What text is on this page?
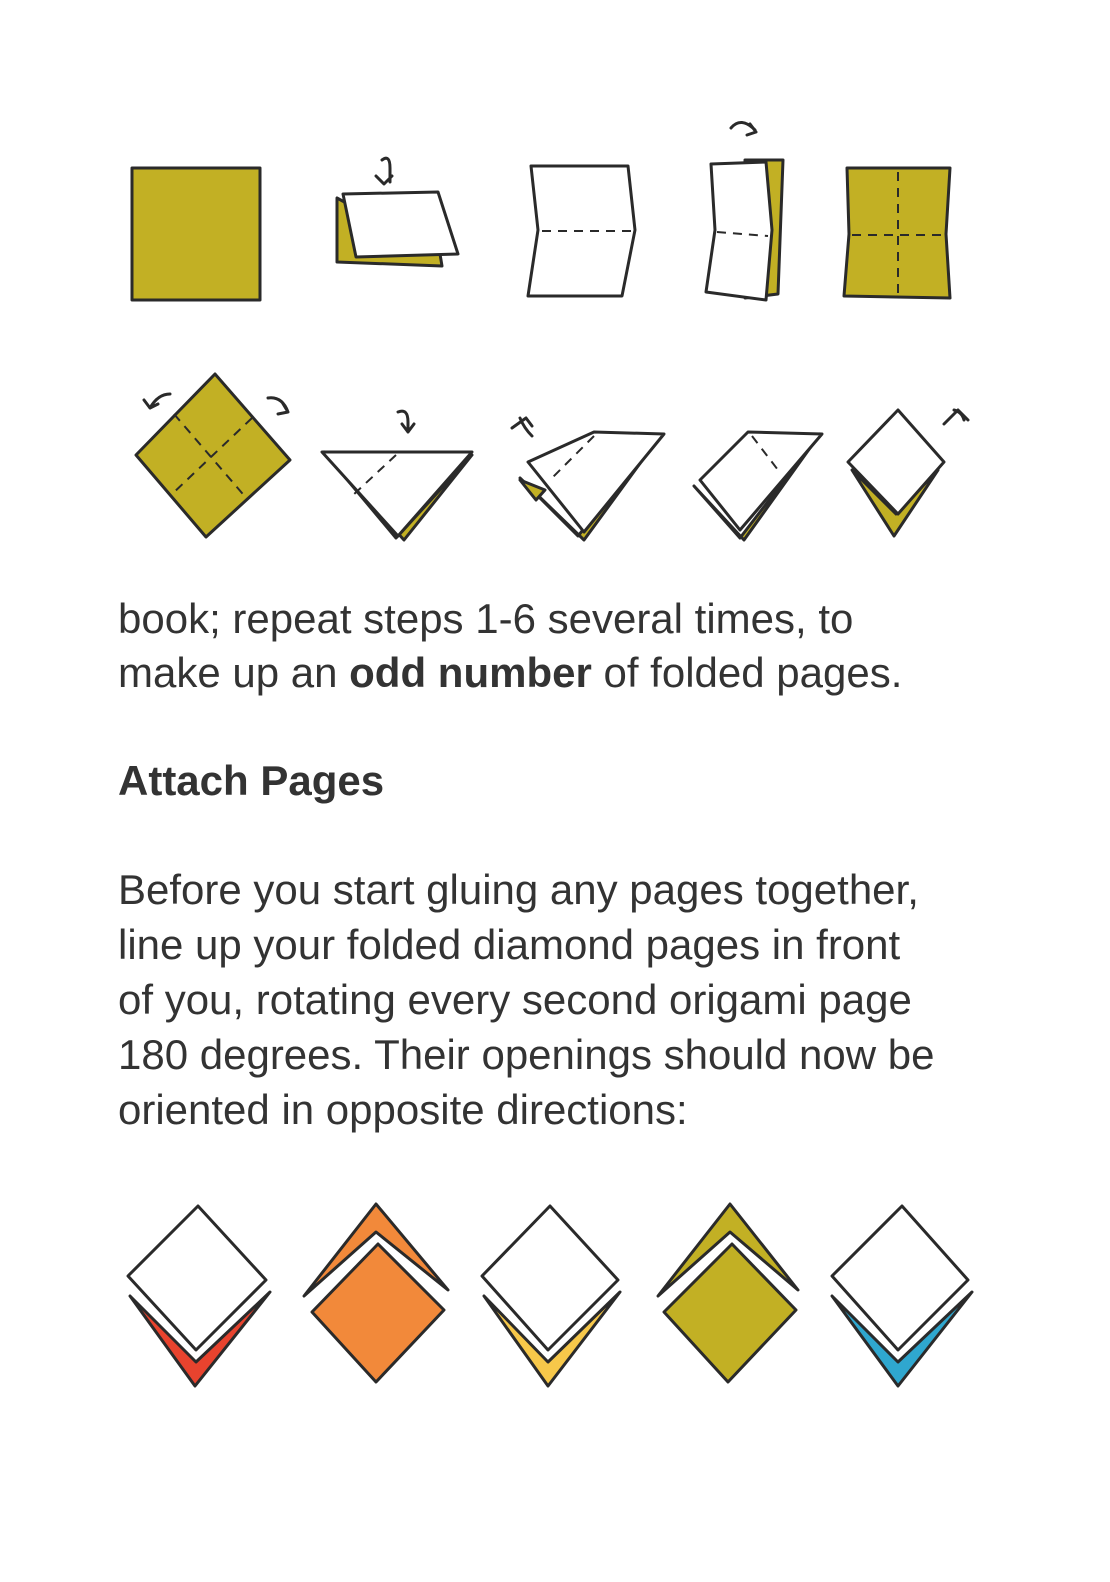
book; repeat steps 1-6 several times, to
make up an odd number of folded pages.

Attach Pages

Before you start gluing any pages together,
line up your folded diamond pages in front
of you, rotating every second origami page
180 degrees. Their openings should now be
oriented in opposite directions:
